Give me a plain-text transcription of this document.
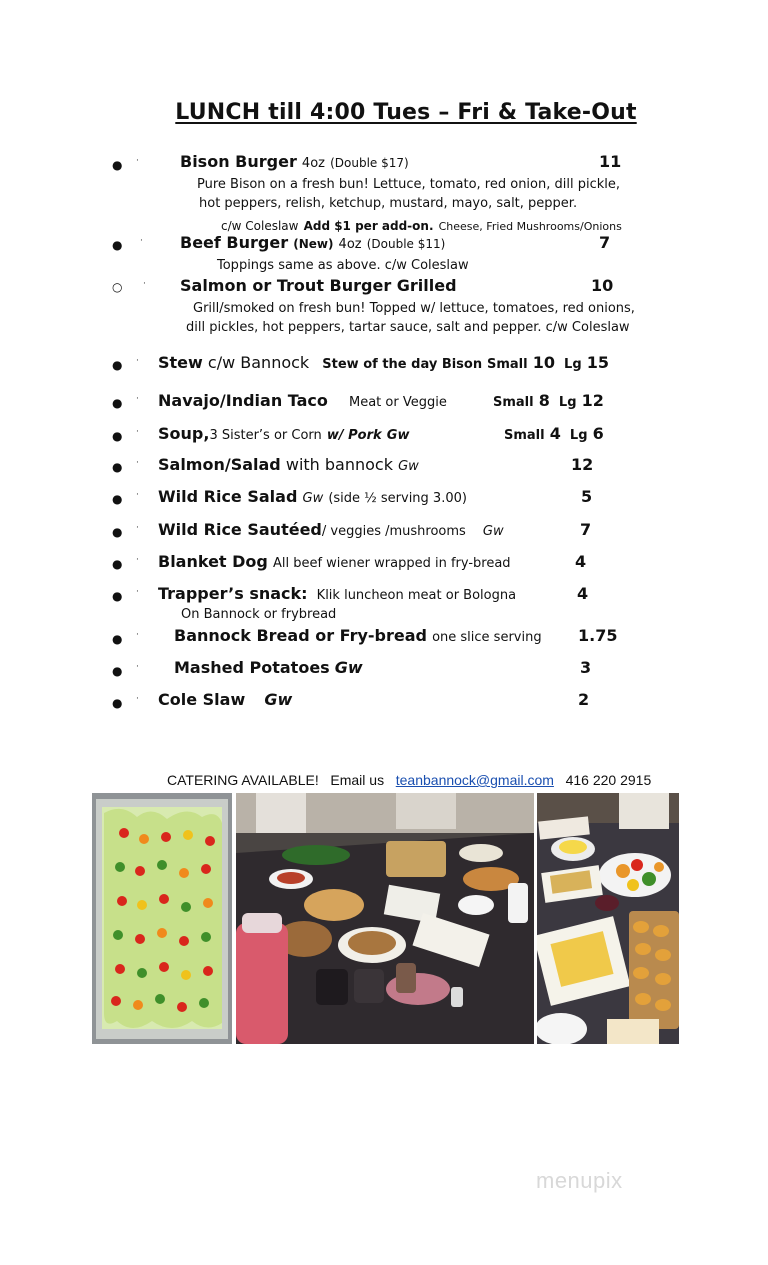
LUNCH till 4:00 Tues – Fri & Take-Out
● ·	Bison Burger 4oz (Double $17)	11
Pure Bison on a fresh bun! Lettuce, tomato, red onion, dill pickle,
hot peppers, relish, ketchup, mustard, mayo, salt, pepper.
c/w Coleslaw Add $1 per add-on. Cheese, Fried Mushrooms/Onions
● · Beef Burger (New) 4oz (Double $11)	7
Toppings same as above. c/w Coleslaw
○ · Salmon or Trout Burger Grilled	10
Grill/smoked on fresh bun! Topped w/ lettuce, tomatoes, red onions,
dill pickles, hot peppers, tartar sauce, salt and pepper. c/w Coleslaw
● · Stew c/w Bannock Stew of the day Bison Small 10 Lg 15
● · Navajo/Indian Taco Meat or Veggie	Small 8 Lg 12
● · Soup,3 Sister’s or Corn w/ Pork Gw	Small 4 Lg 6
● · Salmon/Salad with bannock Gw	12
● · Wild Rice Salad Gw (side ½ serving 3.00)	5
● · Wild Rice Sautéed/ veggies /mushrooms Gw	7
● · Blanket Dog All beef wiener wrapped in fry-bread	4
● · Trapper’s snack: Klik luncheon meat or Bologna	4
On Bannock or frybread
● · Bannock Bread or Fry-bread one slice serving 1.75
● · Mashed Potatoes Gw	3
● · Cole Slaw Gw	2
CATERING AVAILABLE! Email us teanbannock@gmail.com 416 220 2915
menupix
